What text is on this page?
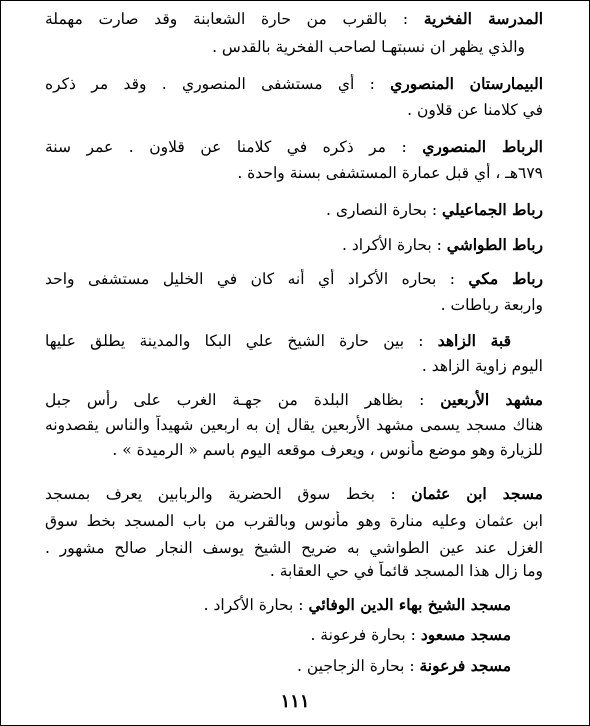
المدرسة الفخرية : بالقرب من حارة الشعابنة وقد صارت مهملة
والذي يظهر ان نسبتهـا لصاحب الفخرية بالقدس .
البيمارستان المنصوري : أي مستشفى المنصوري . وقد مر ذكره
في كلامنا عن قلاون .
الرباط المنصوري : مر ذكره في كلامنا عن قلاون . عمر سنة
٦٧٩هـ ، أي قبل عمارة المستشفى بسنة واحدة .
رباط الجماعيلي : بحارة النصارى .
رباط الطواشي : بحارة الأكراد .
رباط مكي : بحاره الأكراد أي أنه كان في الخليل مستشفى واحد
واربعة رباطات .
قبة الزاهد : بين حارة الشيخ علي البكا والمدينة يطلق عليها
اليوم زاوية الزاهد .
مشهد الأربعين : بظاهر البلدة من جهـة الغرب على رأس جبل
هناك مسجد يسمى مشهد الأربعين يقال إن به اربعين شهيداً والناس يقصدونه
للزيارة وهو موضع مأنوس ، ويعرف موقعه اليوم باسم « الرميدة » .
مسجد ابن عثمان : بخط سوق الحضرية والربابين يعرف بمسجد
ابن عثمان وعليه منارة وهو مأنوس وبالقرب من باب المسجد بخط سوق
الغزل عند عين الطواشي به ضريح الشيخ يوسف النجار صالح مشهور .
وما زال هذا المسجد قائماً في حي العقابة .
مسجد الشيخ بهاء الدين الوفائي : بحارة الأكراد .
مسجد مسعود : بحارة فرعونة .
مسجد فرعونة : بحارة الزجاجين .
١١١
